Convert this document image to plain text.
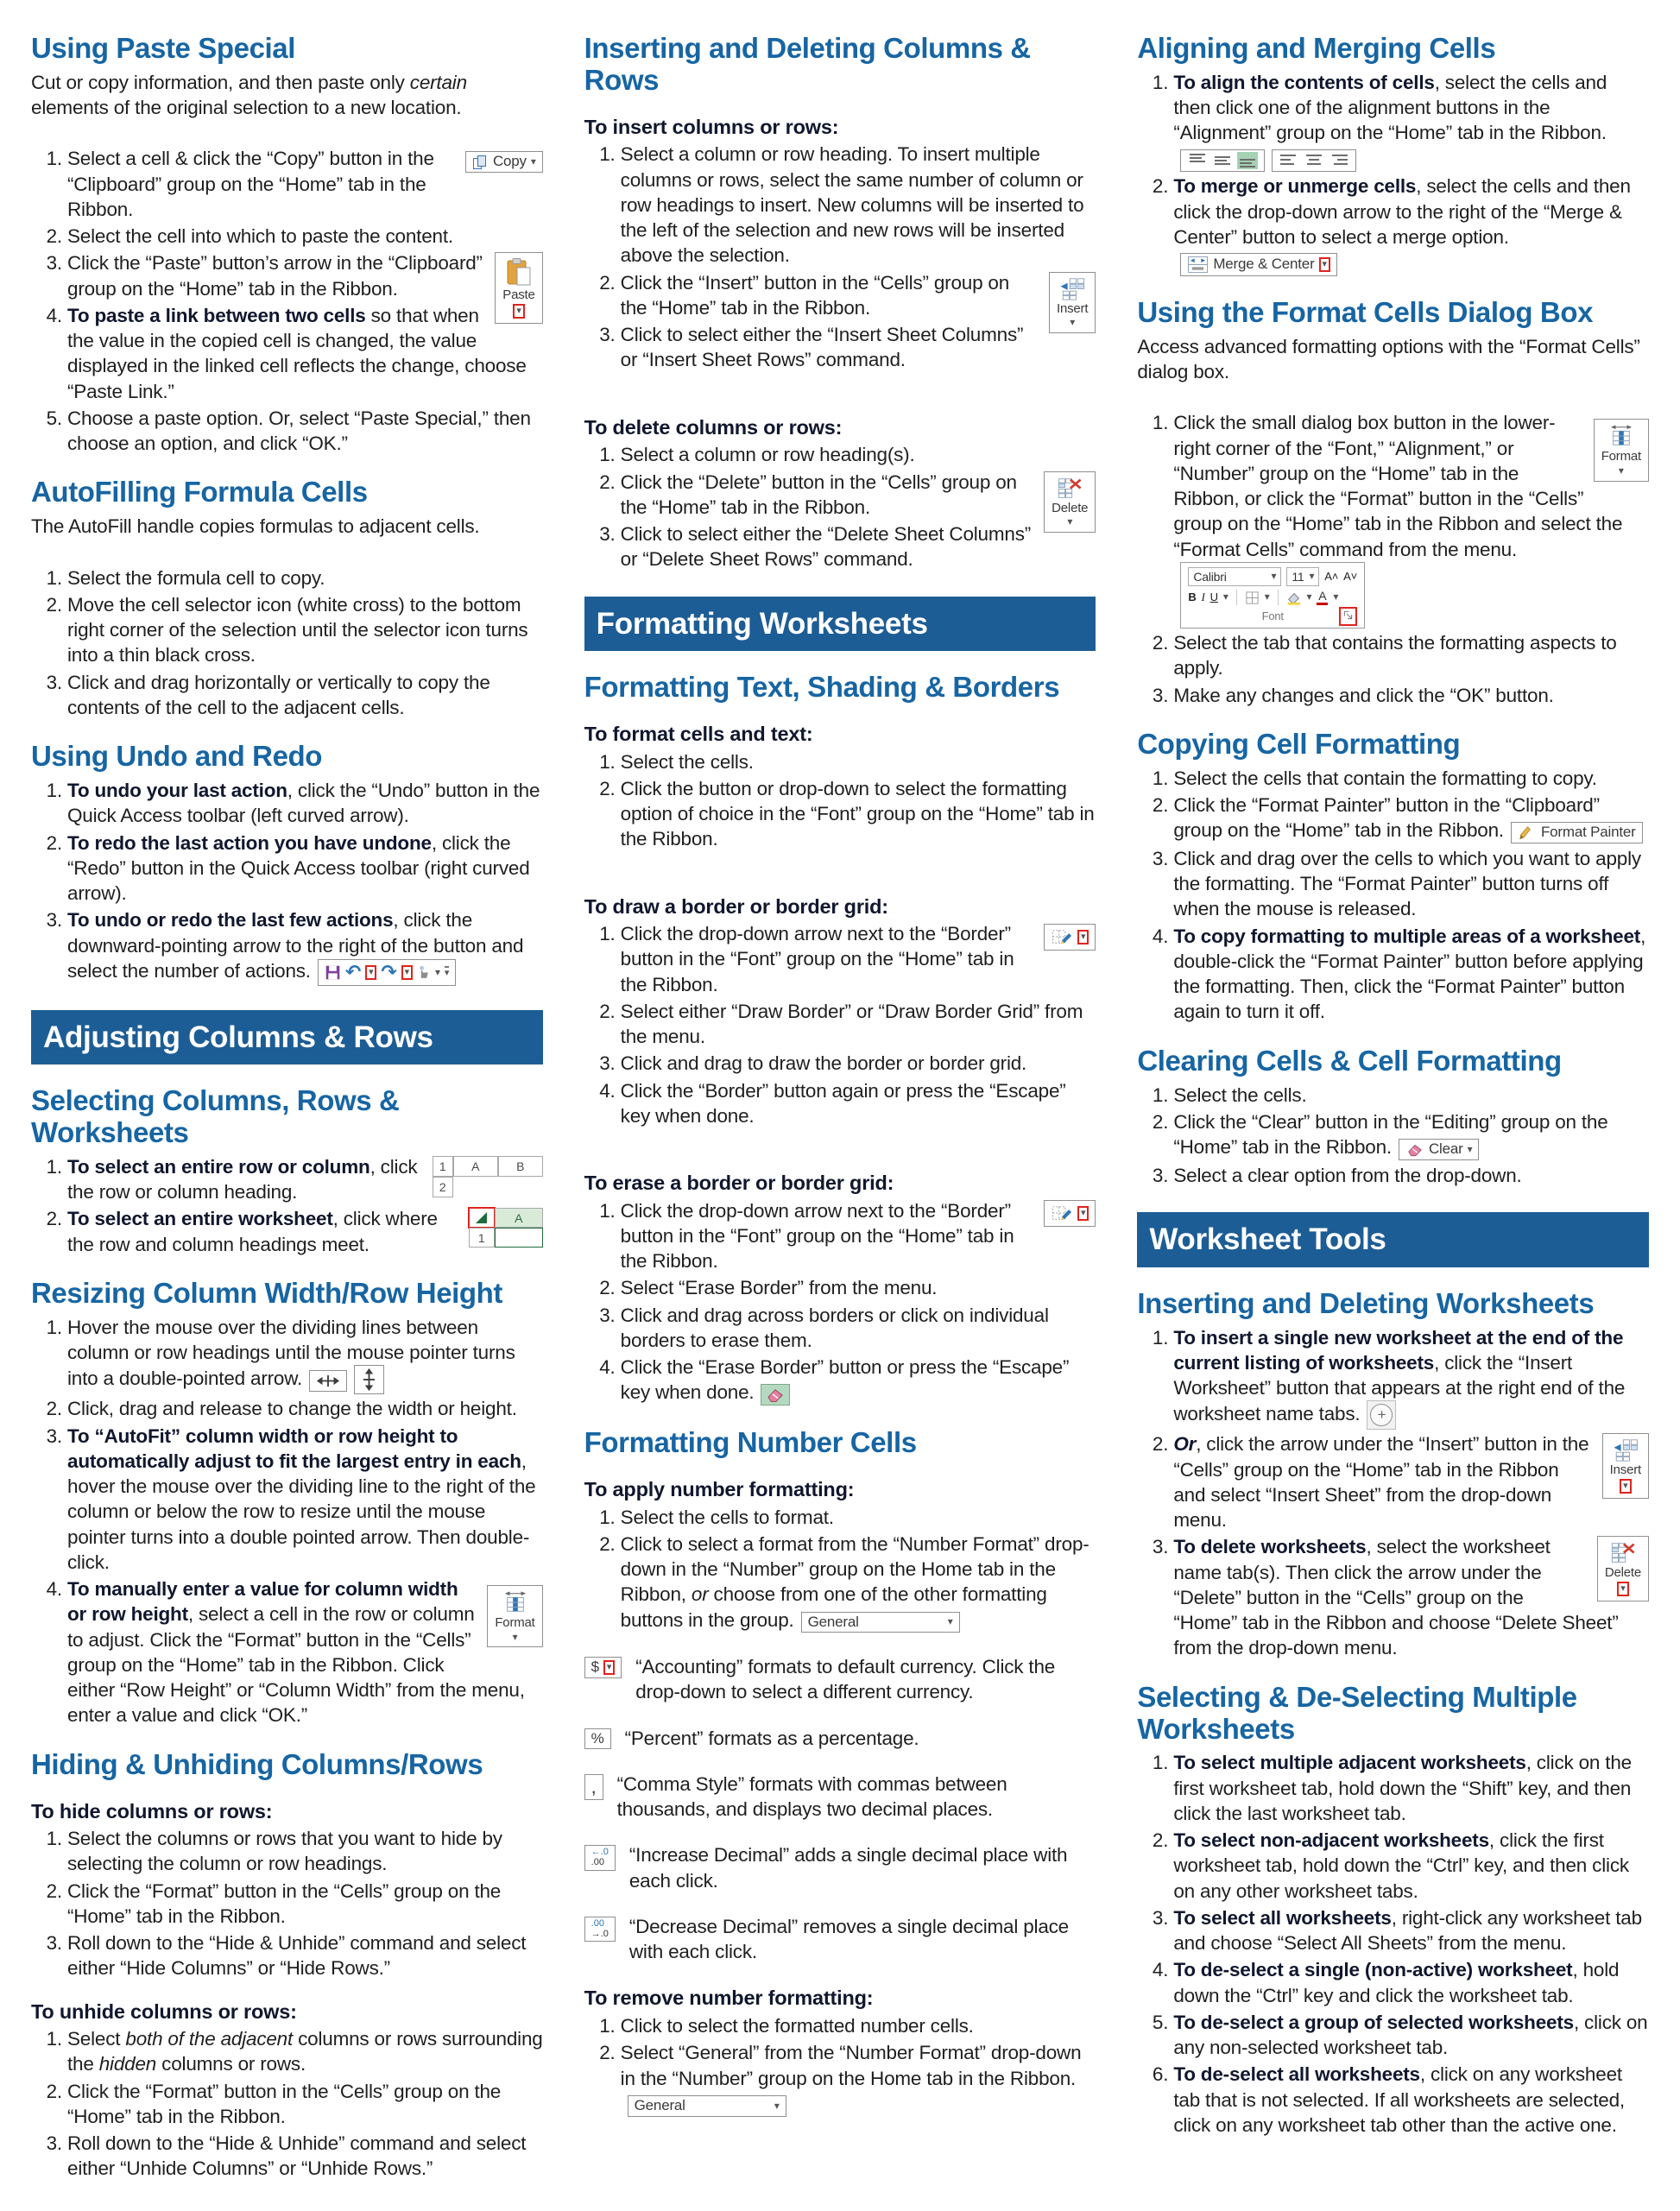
Using Paste Special

Cut or copy information, and then paste only certain elements of the original selection to a new location.

1. Copy ▾
Select a cell & click the “Copy” button in the “Clipboard” group on the “Home” tab in the Ribbon.
2. Select the cell into which to paste the content.
3. Paste
▾
Click the “Paste” button’s arrow in the “Clipboard” group on the “Home” tab in the Ribbon.
4. To paste a link between two cells so that when the value in the copied cell is changed, the value displayed in the linked cell reflects the change, choose “Paste Link.”
5. Choose a paste option. Or, select “Paste Special,” then choose an option, and click “OK.”
AutoFilling Formula Cells

The AutoFill handle copies formulas to adjacent cells.

1. Select the formula cell to copy.
2. Move the cell selector icon (white cross) to the bottom right corner of the selection until the selector icon turns into a thin black cross.
3. Click and drag horizontally or vertically to copy the contents of the cell to the adjacent cells.
Using Undo and Redo
1. To undo your last action, click the “Undo” button in the Quick Access toolbar (left curved arrow).
2. To redo the last action you have undone, click the “Redo” button in the Quick Access toolbar (right curved arrow).
3. To undo or redo the last few actions, click the downward-pointing arrow to the right of the button and select the number of actions. ↶ ▾ ↷ ▾	▾ ▾
Adjusting Columns & Rows
Selecting Columns, Rows & Worksheets
1. 1	A	B
2
To select an entire row or column, click the row or column heading.
2. A
1
To select an entire worksheet, click where the row and column headings meet.
Resizing Column Width/Row Height
1. Hover the mouse over the dividing lines between column or row headings until the mouse pointer turns into a double-pointed arrow.
2. Click, drag and release to change the width or height.
3. To “AutoFit” column width or row height to automatically adjust to fit the largest entry in each, hover the mouse over the dividing line to the right of the column or below the row to resize until the mouse pointer turns into a double pointed arrow. Then double-click.
4. Format
▾
To manually enter a value for column width or row height, select a cell in the row or column to adjust. Click the “Format” button in the “Cells” group on the “Home” tab in the Ribbon. Click either “Row Height” or “Column Width” from the menu, enter a value and click “OK.”
Hiding & Unhiding Columns/Rows
To hide columns or rows:
1. Select the columns or rows that you want to hide by selecting the column or row headings.
2. Click the “Format” button in the “Cells” group on the “Home” tab in the Ribbon.
3. Roll down to the “Hide & Unhide” command and select either “Hide Columns” or “Hide Rows.”
To unhide columns or rows:
1. Select both of the adjacent columns or rows surrounding the hidden columns or rows.
2. Click the “Format” button in the “Cells” group on the “Home” tab in the Ribbon.
3. Roll down to the “Hide & Unhide” command and select either “Unhide Columns” or “Unhide Rows.”
Inserting and Deleting Columns & Rows
To insert columns or rows:
1. Select a column or row heading. To insert multiple columns or rows, select the same number of column or row headings to insert. New columns will be inserted to the left of the selection and new rows will be inserted above the selection.
2. Insert
▾
Click the “Insert” button in the “Cells” group on the “Home” tab in the Ribbon.
3. Click to select either the “Insert Sheet Columns” or “Insert Sheet Rows” command.
To delete columns or rows:
1. Select a column or row heading(s).
2. Delete
▾
Click the “Delete” button in the “Cells” group on the “Home” tab in the Ribbon.
3. Click to select either the “Delete Sheet Columns” or “Delete Sheet Rows” command.
Formatting Worksheets
Formatting Text, Shading & Borders
To format cells and text:
1. Select the cells.
2. Click the button or drop-down to select the formatting option of choice in the “Font” group on the “Home” tab in the Ribbon.
To draw a border or border grid:
1. ▾
Click the drop-down arrow next to the “Border” button in the “Font” group on the “Home” tab in the Ribbon.
2. Select either “Draw Border” or “Draw Border Grid” from the menu.
3. Click and drag to draw the border or border grid.
4. Click the “Border” button again or press the “Escape” key when done.
To erase a border or border grid:
1. ▾
Click the drop-down arrow next to the “Border” button in the “Font” group on the “Home” tab in the Ribbon.
2. Select “Erase Border” from the menu.
3. Click and drag across borders or click on individual borders to erase them.
4. Click the “Erase Border” button or press the “Escape” key when done.
Formatting Number Cells
To apply number formatting:
1. Select the cells to format.
2. Click to select a format from the “Number Format” drop-down in the “Number” group on the Home tab in the Ribbon, or choose from one of the other formatting buttons in the group. General	▾
$ ▾ “Accounting” formats to default currency. Click the drop-down to select a different currency.

% “Percent” formats as a percentage.

, “Comma Style” formats with commas between thousands, and displays two decimal places.

←.0
.00 “Increase Decimal” adds a single decimal place with each click.

.00
→.0 “Decrease Decimal” removes a single decimal place with each click.

To remove number formatting:
1. Click to select the formatted number cells.
2. Select “General” from the “Number Format” drop-down in the “Number” group on the Home tab in the Ribbon.
General	▾
Aligning and Merging Cells
1. To align the contents of cells, select the cells and then click one of the alignment buttons in the “Alignment” group on the “Home” tab in the Ribbon.
2. To merge or unmerge cells, select the cells and then click the drop-down arrow to the right of the “Merge & Center” button to select a merge option.
Merge & Center ▾
Using the Format Cells Dialog Box

Access advanced formatting options with the “Format Cells” dialog box.

1. Format
▾
Click the small dialog box button in the lower-right corner of the “Font,” “Alignment,” or “Number” group on the “Home” tab in the Ribbon, or click the “Format” button in the “Cells” group on the “Home” tab in the Ribbon and select the “Format Cells” command from the menu.
Calibri	▾ 11 ▾ A˄ A˅
B I U ▾	▾	▾ A ▾
Font
2. Select the tab that contains the formatting aspects to apply.
3. Make any changes and click the “OK” button.
Copying Cell Formatting
1. Select the cells that contain the formatting to copy.
2. Click the “Format Painter” button in the “Clipboard” group on the “Home” tab in the Ribbon.	Format Painter
3. Click and drag over the cells to which you want to apply the formatting. The “Format Painter” button turns off when the mouse is released.
4. To copy formatting to multiple areas of a worksheet, double-click the “Format Painter” button before applying the formatting. Then, click the “Format Painter” button again to turn it off.
Clearing Cells & Cell Formatting
1. Select the cells.
2. Click the “Clear” button in the “Editing” group on the “Home” tab in the Ribbon.	Clear ▾
3. Select a clear option from the drop-down.
Worksheet Tools
Inserting and Deleting Worksheets
1. To insert a single new worksheet at the end of the current listing of worksheets, click the “Insert Worksheet” button that appears at the right end of the worksheet name tabs.	+
2. Insert
▾
Or, click the arrow under the “Insert” button in the “Cells” group on the “Home” tab in the Ribbon and select “Insert Sheet” from the drop-down menu.
3. Delete
▾
To delete worksheets, select the worksheet name tab(s). Then click the arrow under the “Delete” button in the “Cells” group on the “Home” tab in the Ribbon and choose “Delete Sheet” from the drop-down menu.
Selecting & De-Selecting Multiple Worksheets
1. To select multiple adjacent worksheets, click on the first worksheet tab, hold down the “Shift” key, and then click the last worksheet tab.
2. To select non-adjacent worksheets, click the first worksheet tab, hold down the “Ctrl” key, and then click on any other worksheet tabs.
3. To select all worksheets, right-click any worksheet tab and choose “Select All Sheets” from the menu.
4. To de-select a single (non-active) worksheet, hold down the “Ctrl” key and click the worksheet tab.
5. To de-select a group of selected worksheets, click on any non-selected worksheet tab.
6. To de-select all worksheets, click on any worksheet tab that is not selected. If all worksheets are selected, click on any worksheet tab other than the active one.
